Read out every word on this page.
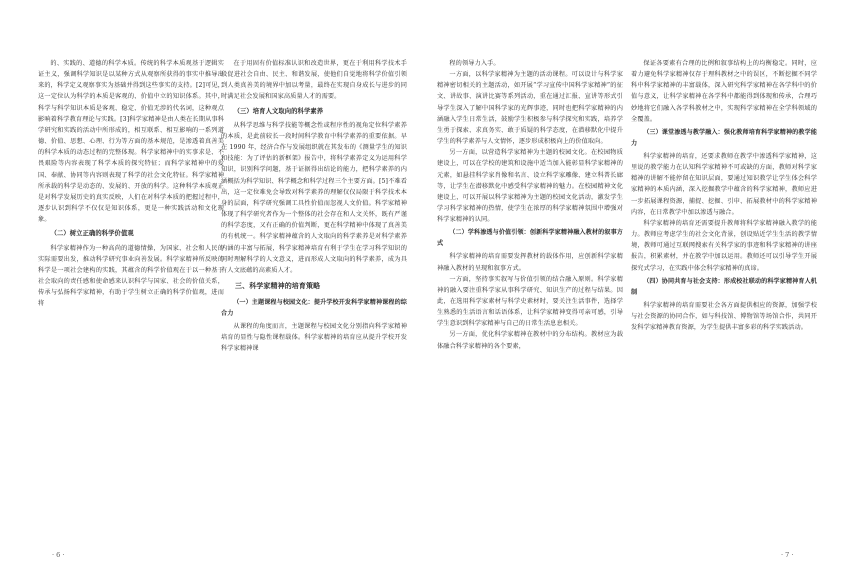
的、实践的、道德的科学本质。传统的科学本质观基于逻辑实证主义，强调科学知识是以某种方式从观察所获得的事实中推导出来的，科学定义观察事实为基础并得到这些事实的支持。[2]可见，这一定位认为科学的本质是客观的、价值中立的知识体系。其中，科学与科学知识本质是客观、稳定、价值无涉的代名词，这种观点影响着科学教育理论与实践。[3]科学家精神是由人类在长期从事科学研究和实践的活动中所形成的，相互联系、相互影响的一系列道德、价值、思想、心理、行为等方面的基本规范，是渗透着真善美的科学本质的动态过程的完整体现。科学家精神中的实事求是、不畏艰险等内容表现了科学本质的探究特征；而科学家精神中的爱国、奉献、协同等内容则表现了科学的社会文化特征。科学家精神所承载的科学是动态的、发展的、开放的科学。这种科学本质观正是对科学发展历史的真实反映，人们在对科学本质的把握过程中，逐步认识到科学不仅仅是知识体系，更是一种实践活动和文化现象。

（二）树立正确的科学价值观

科学家精神作为一种高尚的道德情操，为国家、社会和人民的实际需要出发，推动科学研究事业向善发展。科学家精神所反映的科学是一项社会建构的实践，其蕴含的科学价值观在于以一种基于社会取向的责任感和使命感来认识科学与国家、社会的价值关系，传承与弘扬科学家精神，有助于学生树立正确的科学价值观，进而将

在于用固有价值标准认识和改造世界，更在于利用科学技术手段促进社会自由、民主、和谐发展，使他们自觉地将科学价值引领到人类真善美的境界中加以考量，最终在实现自身成长与进步的同时满足社会发展和国家高质量人才的需要。

（三）培育人文取向的科学素养

从科学思维与科学技能等概念性或程序性的视角定位科学素养的本质，是此前较长一段时间科学教育中科学素养的重要依据。早在 1990 年，经济合作与发展组织就在其发布的《测量学生的知识和技能：为了评估的新框架》报告中，将科学素养定义为运用科学知识，识别科学问题，基于证据得出结论的能力，把科学素养的内涵概括为科学知识、科学概念和科学过程三个主要方面。[5]不难看出，这一定位难免会导致对科学素养的理解仅仅局限于科学技术本身的层面，科学研究强调工具性价值而忽视人文价值。科学家精神体现了科学研究者作为一个整体的社会存在和人文关怀，既有严谨的科学态度，又有正确的价值判断，更在科学精神中体现了真善美的有机统一。科学家精神蕴含的人文取向的科学素养是对科学素养内涵的丰富与拓展，科学家精神培育有利于学生在学习科学知识的同时理解科学的人文意义，进而形成人文取向的科学素养，成为具有人文底蕴的高素质人才。

三、科学家精神的培育策略

（一）主题课程与校园文化：提升学校开发科学家精神课程的综合力

从课程的角度而言，主题课程与校园文化分别指向科学家精神培育的显性与隐性课程载体。科学家精神的培育应从提升学校开发科学家精神课

· 6 ·

程的领导力入手。

一方面，以科学家精神为主题的活动课程。可以设计与科学家精神密切相关的主题活动，如开展“学习宣传中国科学家精神”的征文、讲故事、演讲比赛等系列活动，重在通过汇报、宣讲等形式引导学生深入了解中国科学家的光辉事迹，同时也把科学家精神的内涵融入学生日常生活，鼓励学生积极参与科学探究和实践，培养学生勇于探索、求真务实、敢于质疑的科学态度，在潜移默化中提升学生的科学素养与人文情怀，逐步形成积极向上的价值取向。

另一方面，以营造科学家精神为主题的校园文化。在校园物质建设上，可以在学校的建筑和设施中适当加入能彰显科学家精神的元素，如悬挂科学家肖像和名言、设立科学家雕像、建立科普长廊等，让学生在潜移默化中感受科学家精神的魅力。在校园精神文化建设上，可以开展以科学家精神为主题的校园文化活动，激发学生学习科学家精神的热情，使学生在浓厚的科学家精神氛围中增强对科学家精神的认同。

（二）学科渗透与价值引领：创新科学家精神融入教材的叙事方式

科学家精神的培育需要发挥教材的载体作用，应创新科学家精神融入教材的呈现和叙事方式。

一方面，坚持事实叙写与价值引领的结合融入原则。科学家精神的融入要注重科学家从事科学研究、知识生产的过程与结果。因此，在选用科学家素材与科学史素材时，要关注生活事件，选择学生熟悉的生活语言和话语体系，让科学家精神变得可亲可感，引导学生意识到科学家精神与自己的日常生活息息相关。

另一方面，优化科学家精神在教材中的分布结构。教材应为载体融合科学家精神的各个要素，

保证各要素有合理的比例和叙事结构上的均衡稳定。同时，应着力避免科学家精神仅存于理科教材之中的误区，不断挖掘不同学科中科学家精神的丰富载体，深入研究科学家精神在各学科中的价值与意义，让科学家精神在各学科中都能得到体现和传承，合理巧妙地将它们融入各学科教材之中，实现科学家精神在全学科领域的全覆盖。

（三）课堂渗透与教学融入：强化教师培育科学家精神的教学能力

科学家精神的培育，还要求教师在教学中渗透科学家精神，这里说的教学能力在认知科学家精神不可或缺的方面，教师对科学家精神的讲解不能停留在知识层面，要通过知识教学让学生体会科学家精神的本质内涵，深入挖掘教学中蕴含的科学家精神，教师应进一步拓展课程资源，捕捉、挖掘、引申、拓展教材中的科学家精神内容，在日常教学中加以渗透与融合。

科学家精神的培育还需要提升教师将科学家精神融入教学的能力。教师应考虑学生的社会文化背景，创设贴近学生生活的教学情境，教师可通过互联网搜索有关科学家的事迹和科学家精神的讲座报告，积累素材，并在教学中加以运用。教师还可以引导学生开展探究式学习，在实践中体会科学家精神的真谛。

（四）协同共育与社会支持：形成校社联动的科学家精神育人机制

科学家精神的培育需要社会各方面提供相应的资源，加强学校与社会资源的协同合作，如与科技馆、博物馆等场馆合作，共同开发科学家精神教育资源，为学生提供丰富多彩的科学实践活动。

· 7 ·
